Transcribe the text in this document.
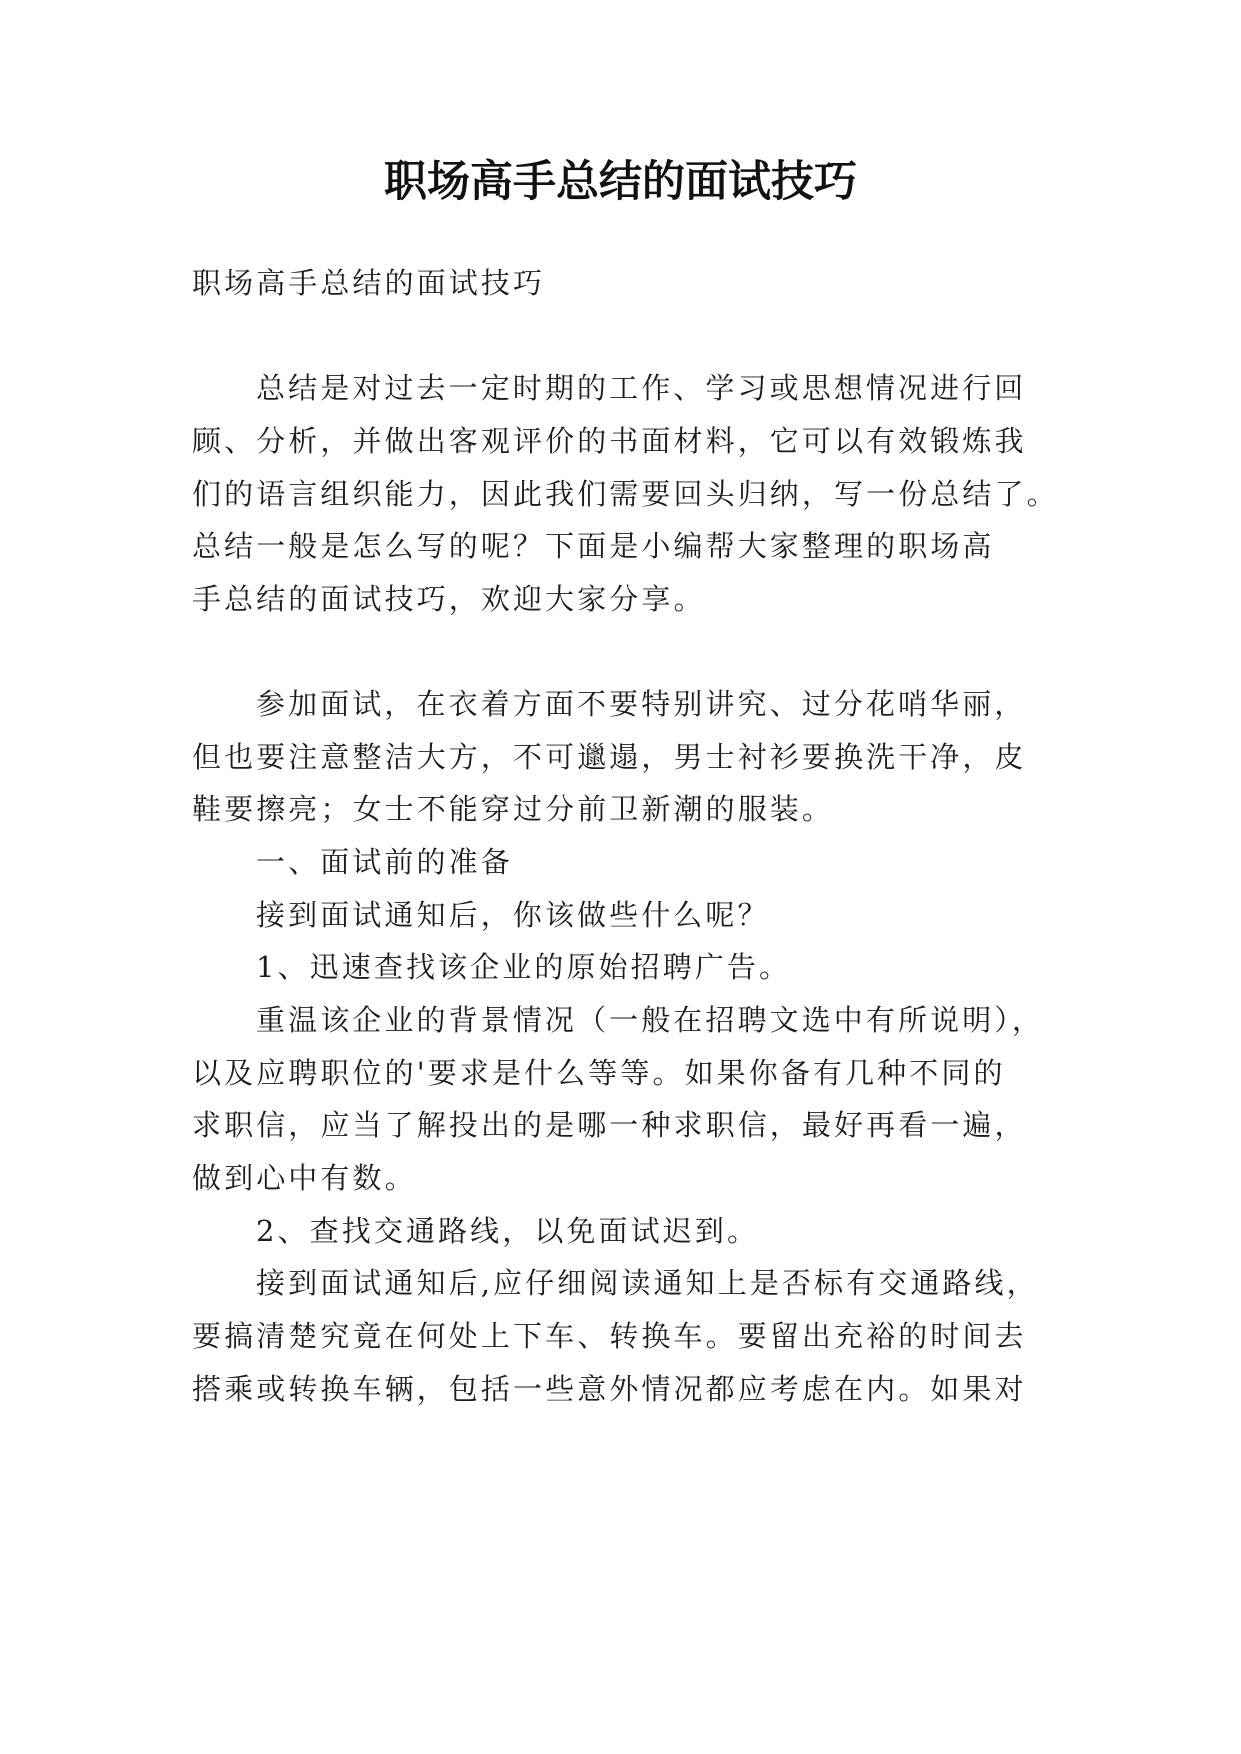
职场高手总结的面试技巧
职场高手总结的面试技巧
总结是对过去一定时期的工作、学习或思想情况进行回
顾、分析，并做出客观评价的书面材料，它可以有效锻炼我
们的语言组织能力，因此我们需要回头归纳，写一份总结了。
总结一般是怎么写的呢？下面是小编帮大家整理的职场高
手总结的面试技巧，欢迎大家分享。
参加面试，在衣着方面不要特别讲究、过分花哨华丽，
但也要注意整洁大方，不可邋遢，男士衬衫要换洗干净，皮
鞋要擦亮；女士不能穿过分前卫新潮的服装。
一、面试前的准备
接到面试通知后，你该做些什么呢？
1、迅速查找该企业的原始招聘广告。
重温该企业的背景情况（一般在招聘文选中有所说明），
以及应聘职位的'要求是什么等等。如果你备有几种不同的
求职信，应当了解投出的是哪一种求职信，最好再看一遍，
做到心中有数。
2、查找交通路线，以免面试迟到。
接到面试通知后,应仔细阅读通知上是否标有交通路线，
要搞清楚究竟在何处上下车、转换车。要留出充裕的时间去
搭乘或转换车辆，包括一些意外情况都应考虑在内。如果对
